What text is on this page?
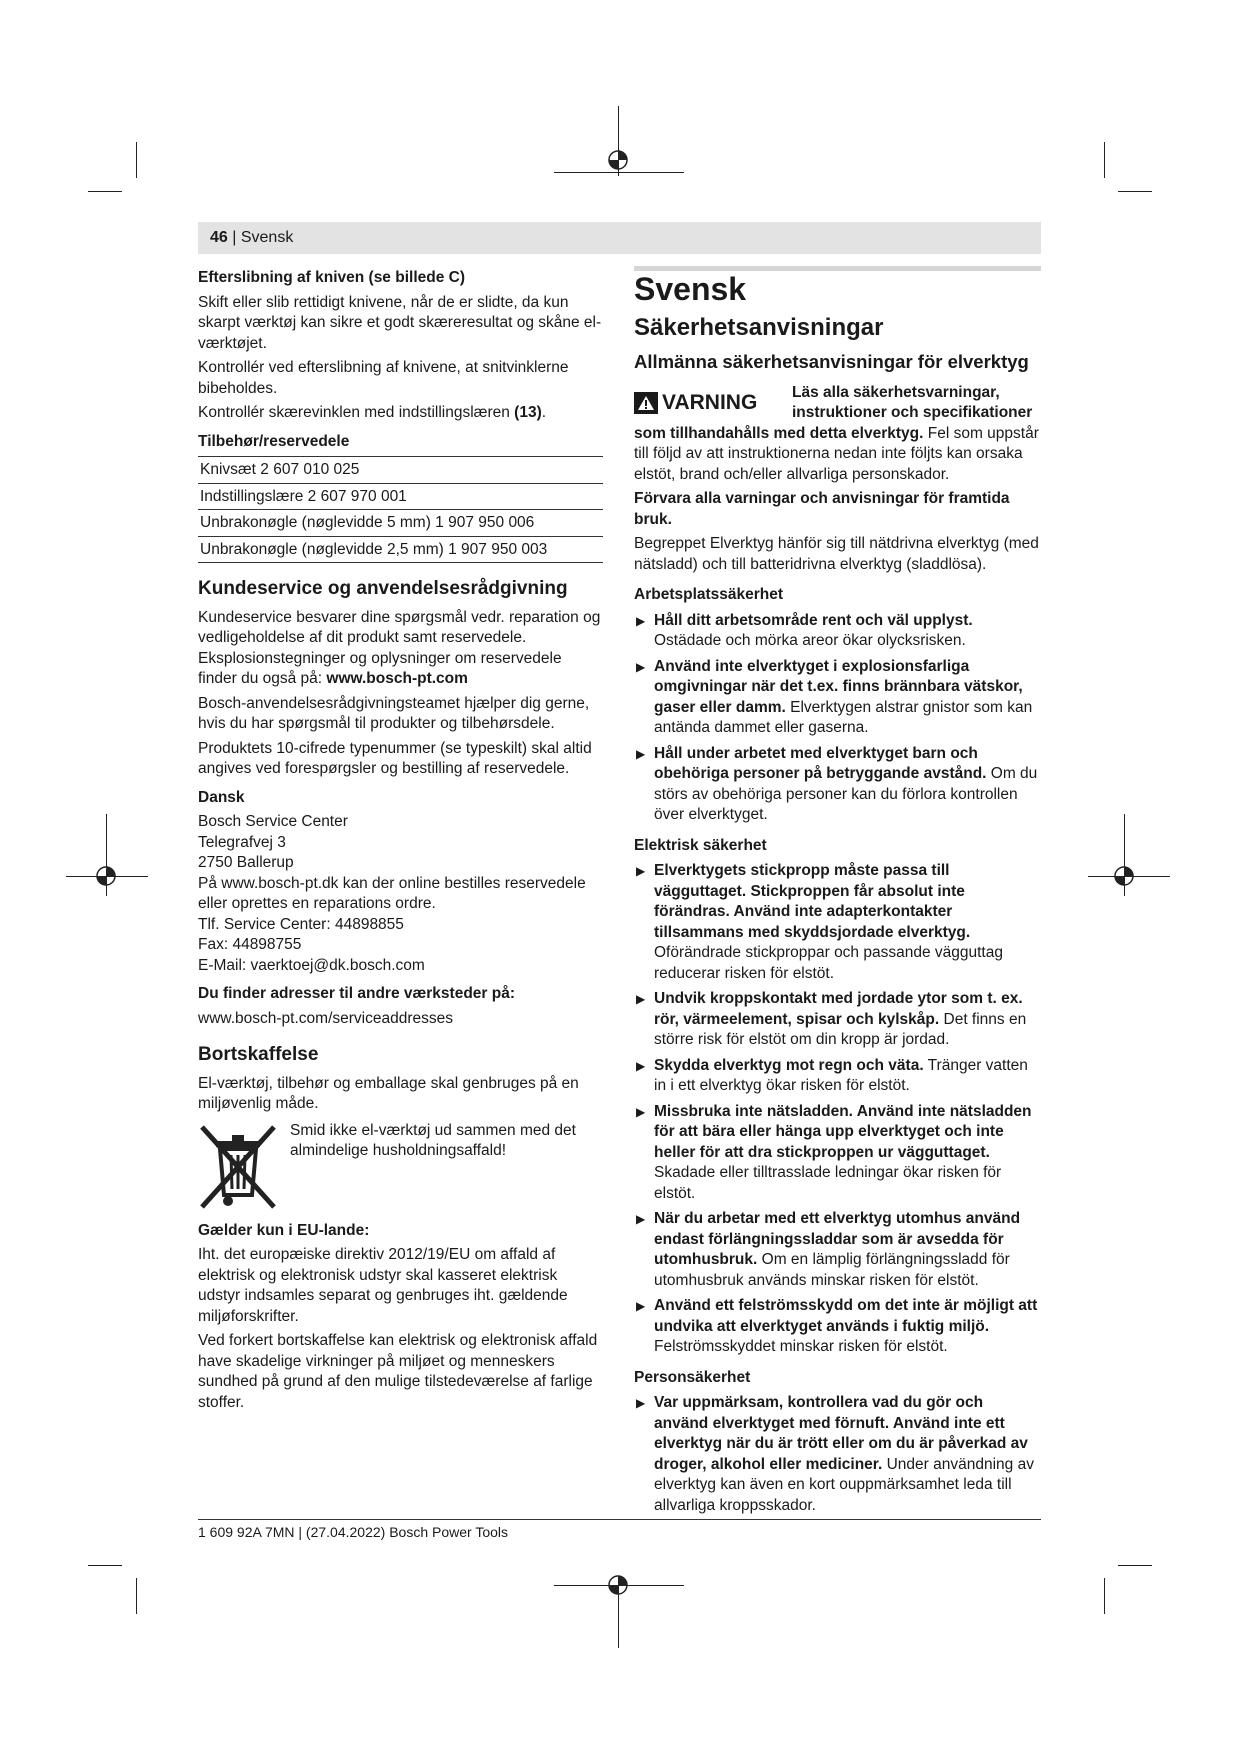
46 | Svensk
Efterslibning af kniven (se billede C)

Skift eller slib rettidigt knivene, når de er slidte, da kun skarpt værktøj kan sikre et godt skæreresultat og skåne el-værktøjet.

Kontrollér ved efterslibning af knivene, at snitvinklerne bibeholdes.

Kontrollér skærevinklen med indstillingslæren (13).

Tilbehør/reservedele
Knivsæt 2 607 010 025
Indstillingslære 2 607 970 001
Unbrakonøgle (nøglevidde 5 mm) 1 907 950 006
Unbrakonøgle (nøglevidde 2,5 mm) 1 907 950 003
Kundeservice og anvendelsesrådgivning

Kundeservice besvarer dine spørgsmål vedr. reparation og vedligeholdelse af dit produkt samt reservedele. Eksplosionstegninger og oplysninger om reservedele finder du også på: www.bosch-pt.com

Bosch-anvendelsesrådgivningsteamet hjælper dig gerne, hvis du har spørgsmål til produkter og tilbehørsdele.

Produktets 10-cifrede typenummer (se typeskilt) skal altid angives ved forespørgsler og bestilling af reservedele.

Dansk
Bosch Service Center
Telegrafvej 3
2750 Ballerup
På www.bosch-pt.dk kan der online bestilles reservedele eller oprettes en reparations ordre.
Tlf. Service Center: 44898855
Fax: 44898755
E-Mail: vaerktoej@dk.bosch.com
Du finder adresser til andre værksteder på:

www.bosch-pt.com/serviceaddresses

Bortskaffelse

El-værktøj, tilbehør og emballage skal genbruges på en miljøvenlig måde.

Smid ikke el-værktøj ud sammen med det almindelige husholdningsaffald!
Gælder kun i EU-lande:

Iht. det europæiske direktiv 2012/19/EU om affald af elektrisk og elektronisk udstyr skal kasseret elektrisk udstyr indsamles separat og genbruges iht. gældende miljøforskrifter.

Ved forkert bortskaffelse kan elektrisk og elektronisk affald have skadelige virkninger på miljøet og menneskers sundhed på grund af den mulige tilstedeværelse af farlige stoffer.

Svensk
Säkerhetsanvisningar
Allmänna säkerhetsanvisningar för elverktyg
VARNING Läs alla säkerhetsvarningar, instruktioner och specifikationer

som tillhandahålls med detta elverktyg. Fel som uppstår till följd av att instruktionerna nedan inte följts kan orsaka elstöt, brand och/eller allvarliga personskador.

Förvara alla varningar och anvisningar för framtida bruk.

Begreppet Elverktyg hänför sig till nätdrivna elverktyg (med nätsladd) och till batteridrivna elverktyg (sladdlösa).

Arbetsplatssäkerhet
▶ Håll ditt arbetsområde rent och väl upplyst. Ostädade och mörka areor ökar olycksrisken.
▶ Använd inte elverktyget i explosionsfarliga omgivningar när det t.ex. finns brännbara vätskor, gaser eller damm. Elverktygen alstrar gnistor som kan antända dammet eller gaserna.
▶ Håll under arbetet med elverktyget barn och obehöriga personer på betryggande avstånd. Om du störs av obehöriga personer kan du förlora kontrollen över elverktyget.
Elektrisk säkerhet
▶ Elverktygets stickpropp måste passa till vägguttaget. Stickproppen får absolut inte förändras. Använd inte adapterkontakter tillsammans med skyddsjordade elverktyg. Oförändrade stickproppar och passande vägguttag reducerar risken för elstöt.
▶ Undvik kroppskontakt med jordade ytor som t. ex. rör, värmeelement, spisar och kylskåp. Det finns en större risk för elstöt om din kropp är jordad.
▶ Skydda elverktyg mot regn och väta. Tränger vatten in i ett elverktyg ökar risken för elstöt.
▶ Missbruka inte nätsladden. Använd inte nätsladden för att bära eller hänga upp elverktyget och inte heller för att dra stickproppen ur vägguttaget. Skadade eller tilltrasslade ledningar ökar risken för elstöt.
▶ När du arbetar med ett elverktyg utomhus använd endast förlängningssladdar som är avsedda för utomhusbruk. Om en lämplig förlängningssladd för utomhusbruk används minskar risken för elstöt.
▶ Använd ett felströmsskydd om det inte är möjligt att undvika att elverktyget används i fuktig miljö. Felströmsskyddet minskar risken för elstöt.
Personsäkerhet
▶ Var uppmärksam, kontrollera vad du gör och använd elverktyget med förnuft. Använd inte ett elverktyg när du är trött eller om du är påverkad av droger, alkohol eller mediciner. Under användning av elverktyg kan även en kort ouppmärksamhet leda till allvarliga kroppsskador.
1 609 92A 7MN | (27.04.2022) Bosch Power Tools
